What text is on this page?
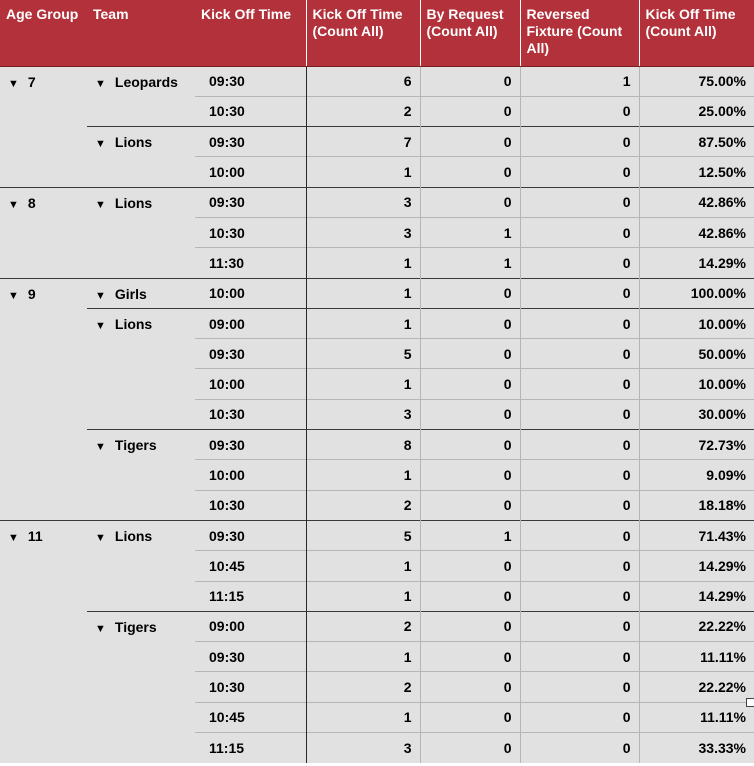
Age Group	Team	Kick Off Time	Kick Off Time (Count All)	By Request (Count All)	Reversed Fixture (Count All)	Kick Off Time (Count All)
▼ 7	▼ Leopards	09:30	6	0	1	75.00%
		10:30	2	0	0	25.00%
	▼ Lions	09:30	7	0	0	87.50%
		10:00	1	0	0	12.50%
▼ 8	▼ Lions	09:30	3	0	0	42.86%
		10:30	3	1	0	42.86%
		11:30	1	1	0	14.29%
▼ 9	▼ Girls	10:00	1	0	0	100.00%
	▼ Lions	09:00	1	0	0	10.00%
		09:30	5	0	0	50.00%
		10:00	1	0	0	10.00%
		10:30	3	0	0	30.00%
	▼ Tigers	09:30	8	0	0	72.73%
		10:00	1	0	0	9.09%
		10:30	2	0	0	18.18%
▼ 11	▼ Lions	09:30	5	1	0	71.43%
		10:45	1	0	0	14.29%
		11:15	1	0	0	14.29%
	▼ Tigers	09:00	2	0	0	22.22%
		09:30	1	0	0	11.11%
		10:30	2	0	0	22.22%
		10:45	1	0	0	11.11%
		11:15	3	0	0	33.33%
